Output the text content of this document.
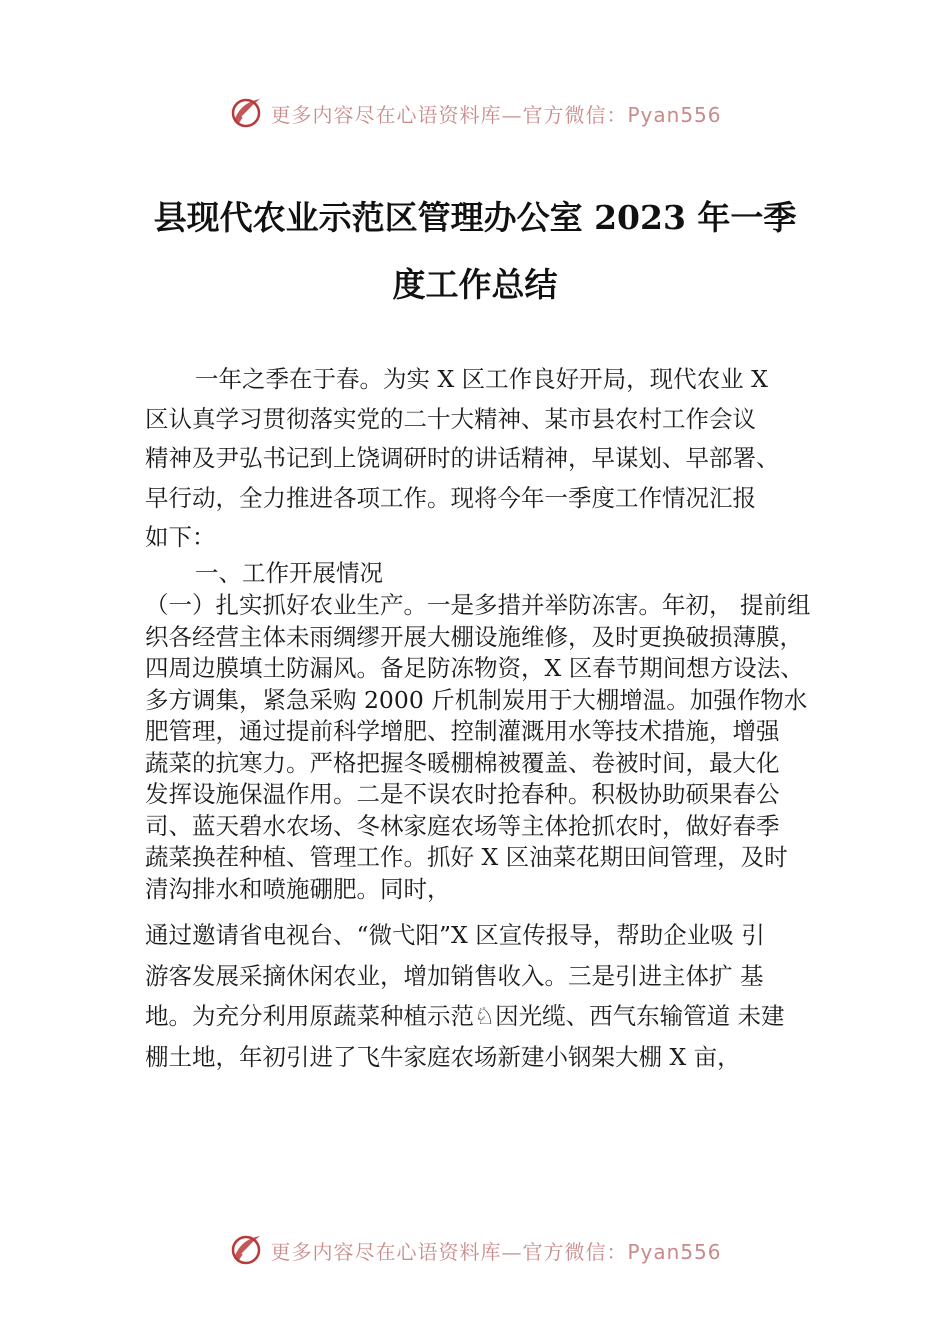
更多内容尽在心语资料库—官方微信：Pyan556
县现代农业示范区管理办公室 2023 年一季
度工作总结
一年之季在于春。为实 X 区工作良好开局，现代农业 X
区认真学习贯彻落实党的二十大精神、某市县农村工作会议
精神及尹弘书记到上饶调研时的讲话精神，早谋划、早部署、
早行动，全力推进各项工作。现将今年一季度工作情况汇报
如下：
一、工作开展情况
（一）扎实抓好农业生产。一是多措并举防冻害。年初， 提前组
织各经营主体未雨绸缪开展大棚设施维修，及时更换破损薄膜，
四周边膜填土防漏风。备足防冻物资，X 区春节期间想方设法、
多方调集，紧急采购 2000 斤机制炭用于大棚增温。加强作物水
肥管理，通过提前科学增肥、控制灌溉用水等技术措施，增强
蔬菜的抗寒力。严格把握冬暖棚棉被覆盖、卷被时间，最大化
发挥设施保温作用。二是不误农时抢春种。积极协助硕果春公
司、蓝天碧水农场、冬林家庭农场等主体抢抓农时，做好春季
蔬菜换茬种植、管理工作。抓好 X 区油菜花期田间管理，及时
清沟排水和喷施硼肥。同时，
通过邀请省电视台、“微弋阳”X 区宣传报导，帮助企业吸 引
游客发展采摘休闲农业，增加销售收入。三是引进主体扩 基
地。为充分利用原蔬菜种植示范♘因光缆、西气东输管道 未建
棚土地，年初引进了飞牛家庭农场新建小钢架大棚 X 亩，
更多内容尽在心语资料库—官方微信：Pyan556
